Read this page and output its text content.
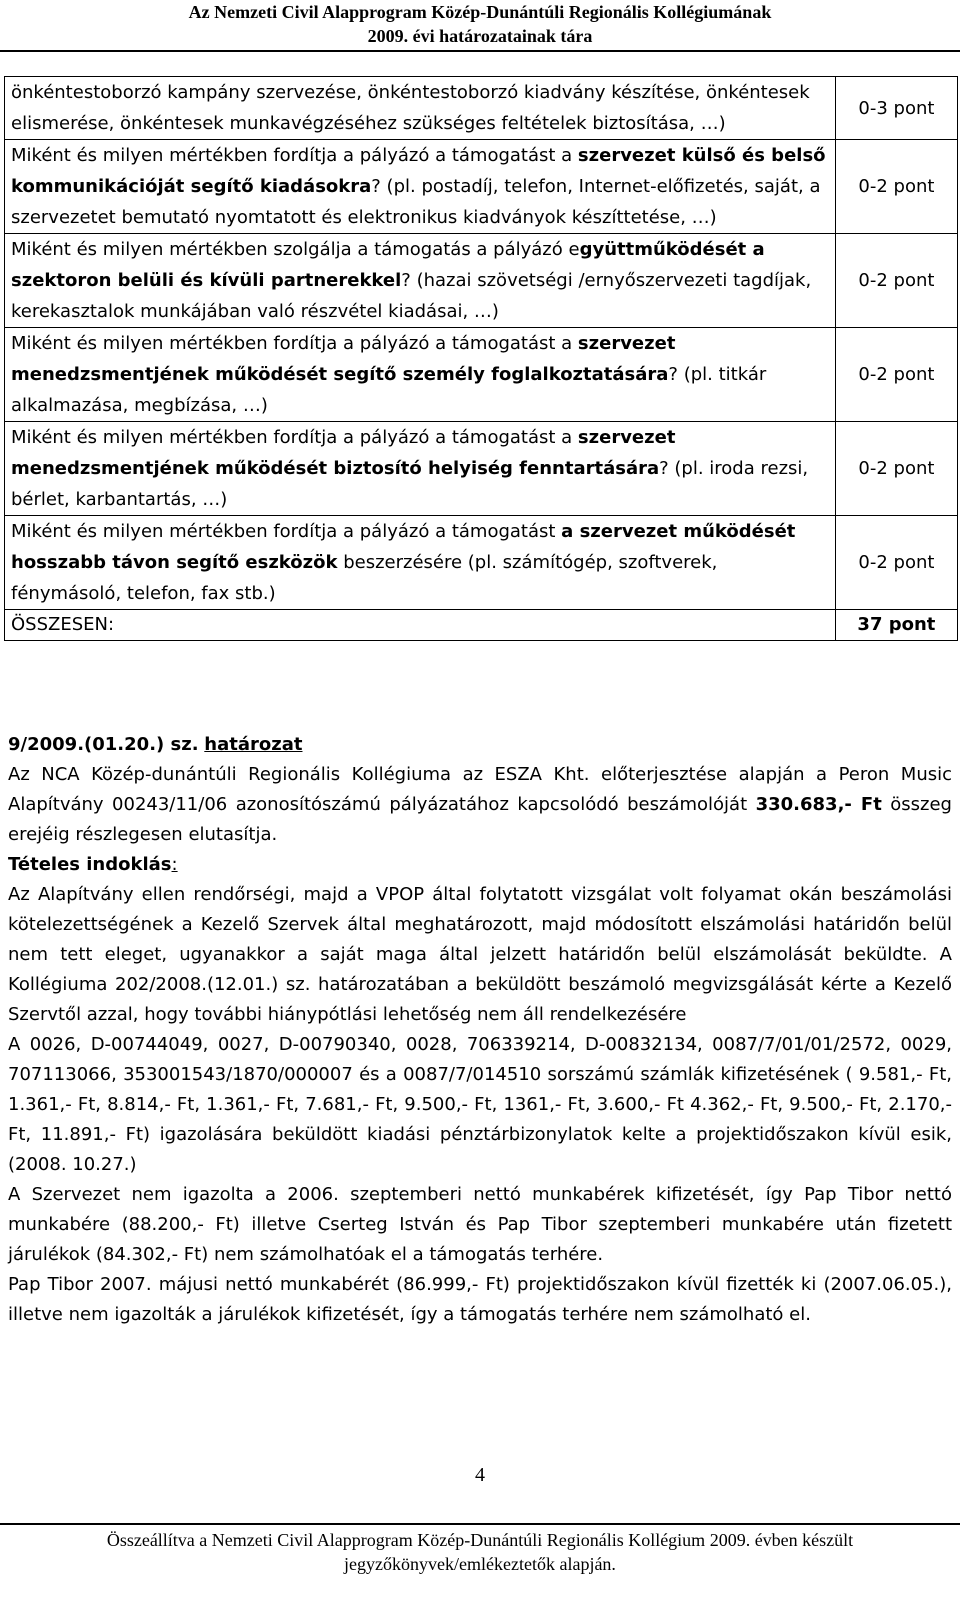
Az Nemzeti Civil Alapprogram Közép-Dunántúli Regionális Kollégiumának
2009. évi határozatainak tára
önkéntestoborzó kampány szervezése, önkéntestoborzó kiadvány készítése, önkéntesek elismerése, önkéntesek munkavégzéséhez szükséges feltételek biztosítása, …)	0-3 pont
Miként és milyen mértékben fordítja a pályázó a támogatást a szervezet külső és belső kommunikációját segítő kiadásokra? (pl. postadíj, telefon, Internet-előfizetés, saját, a szervezetet bemutató nyomtatott és elektronikus kiadványok készíttetése, …)	0-2 pont
Miként és milyen mértékben szolgálja a támogatás a pályázó együttműködését a szektoron belüli és kívüli partnerekkel? (hazai szövetségi /ernyőszervezeti tagdíjak, kerekasztalok munkájában való részvétel kiadásai, …)	0-2 pont
Miként és milyen mértékben fordítja a pályázó a támogatást a szervezet menedzsmentjének működését segítő személy foglalkoztatására? (pl. titkár alkalmazása, megbízása, …)	0-2 pont
Miként és milyen mértékben fordítja a pályázó a támogatást a szervezet menedzsmentjének működését biztosító helyiség fenntartására? (pl. iroda rezsi, bérlet, karbantartás, …)	0-2 pont
Miként és milyen mértékben fordítja a pályázó a támogatást a szervezet működését hosszabb távon segítő eszközök beszerzésére (pl. számítógép, szoftverek, fénymásoló, telefon, fax stb.)	0-2 pont
ÖSSZESEN:	37 pont

9/2009.(01.20.) sz. határozat

Az NCA Közép-dunántúli Regionális Kollégiuma az ESZA Kht. előterjesztése alapján a Peron Music Alapítvány 00243/11/06 azonosítószámú pályázatához kapcsolódó beszámolóját 330.683,- Ft összeg erejéig részlegesen elutasítja.

Tételes indoklás:

Az Alapítvány ellen rendőrségi, majd a VPOP által folytatott vizsgálat volt folyamat okán beszámolási kötelezettségének a Kezelő Szervek által meghatározott, majd módosított elszámolási határidőn belül nem tett eleget, ugyanakkor a saját maga által jelzett határidőn belül elszámolását beküldte. A Kollégiuma 202/2008.(12.01.) sz. határozatában a beküldött beszámoló megvizsgálását kérte a Kezelő Szervtől azzal, hogy további hiánypótlási lehetőség nem áll rendelkezésére

A 0026, D-00744049, 0027, D-00790340, 0028, 706339214, D-00832134, 0087/7/01/01/2572, 0029, 707113066, 353001543/1870/000007 és a 0087/7/014510 sorszámú számlák kifizetésének ( 9.581,- Ft, 1.361,- Ft, 8.814,- Ft, 1.361,- Ft, 7.681,- Ft, 9.500,- Ft, 1361,- Ft, 3.600,- Ft 4.362,- Ft, 9.500,- Ft, 2.170,- Ft, 11.891,- Ft) igazolására beküldött kiadási pénztárbizonylatok kelte a projektidőszakon kívül esik, (2008. 10.27.)

A Szervezet nem igazolta a 2006. szeptemberi nettó munkabérek kifizetését, így Pap Tibor nettó munkabére (88.200,- Ft) illetve Cserteg István és Pap Tibor szeptemberi munkabére után fizetett járulékok (84.302,- Ft) nem számolhatóak el a támogatás terhére.

Pap Tibor 2007. májusi nettó munkabérét (86.999,- Ft) projektidőszakon kívül fizették ki (2007.06.05.), illetve nem igazolták a járulékok kifizetését, így a támogatás terhére nem számolható el.

4
Összeállítva a Nemzeti Civil Alapprogram Közép-Dunántúli Regionális Kollégium 2009. évben készült
jegyzőkönyvek/emlékeztetők alapján.
